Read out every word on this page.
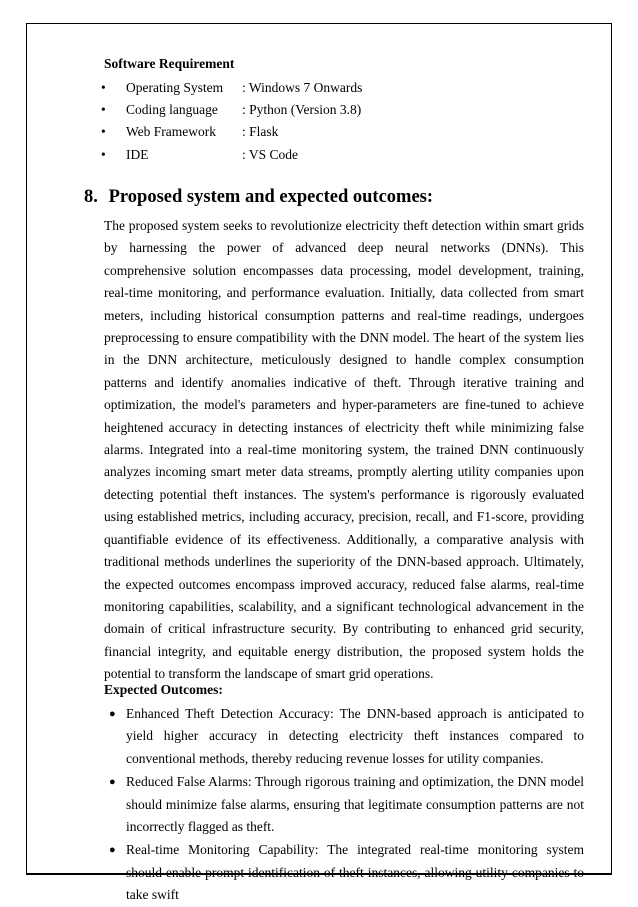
Software Requirement
• Operating System : Windows 7 Onwards
• Coding language : Python (Version 3.8)
• Web Framework : Flask
• IDE	: VS Code
8. Proposed system and expected outcomes:
The proposed system seeks to revolutionize electricity theft detection within smart grids by harnessing the power of advanced deep neural networks (DNNs). This comprehensive solution encompasses data processing, model development, training, real-time monitoring, and performance evaluation. Initially, data collected from smart meters, including historical consumption patterns and real-time readings, undergoes preprocessing to ensure compatibility with the DNN model. The heart of the system lies in the DNN architecture, meticulously designed to handle complex consumption patterns and identify anomalies indicative of theft. Through iterative training and optimization, the model's parameters and hyper-parameters are fine-tuned to achieve heightened accuracy in detecting instances of electricity theft while minimizing false alarms. Integrated into a real-time monitoring system, the trained DNN continuously analyzes incoming smart meter data streams, promptly alerting utility companies upon detecting potential theft instances. The system's performance is rigorously evaluated using established metrics, including accuracy, precision, recall, and F1-score, providing quantifiable evidence of its effectiveness. Additionally, a comparative analysis with traditional methods underlines the superiority of the DNN-based approach. Ultimately, the expected outcomes encompass improved accuracy, reduced false alarms, real-time monitoring capabilities, scalability, and a significant technological advancement in the domain of critical infrastructure security. By contributing to enhanced grid security, financial integrity, and equitable energy distribution, the proposed system holds the potential to transform the landscape of smart grid operations.
Expected Outcomes:
● Enhanced Theft Detection Accuracy: The DNN-based approach is anticipated to yield higher accuracy in detecting electricity theft instances compared to conventional methods, thereby reducing revenue losses for utility companies.
● Reduced False Alarms: Through rigorous training and optimization, the DNN model should minimize false alarms, ensuring that legitimate consumption patterns are not incorrectly flagged as theft.
● Real-time Monitoring Capability: The integrated real-time monitoring system should enable prompt identification of theft instances, allowing utility companies to take swift
